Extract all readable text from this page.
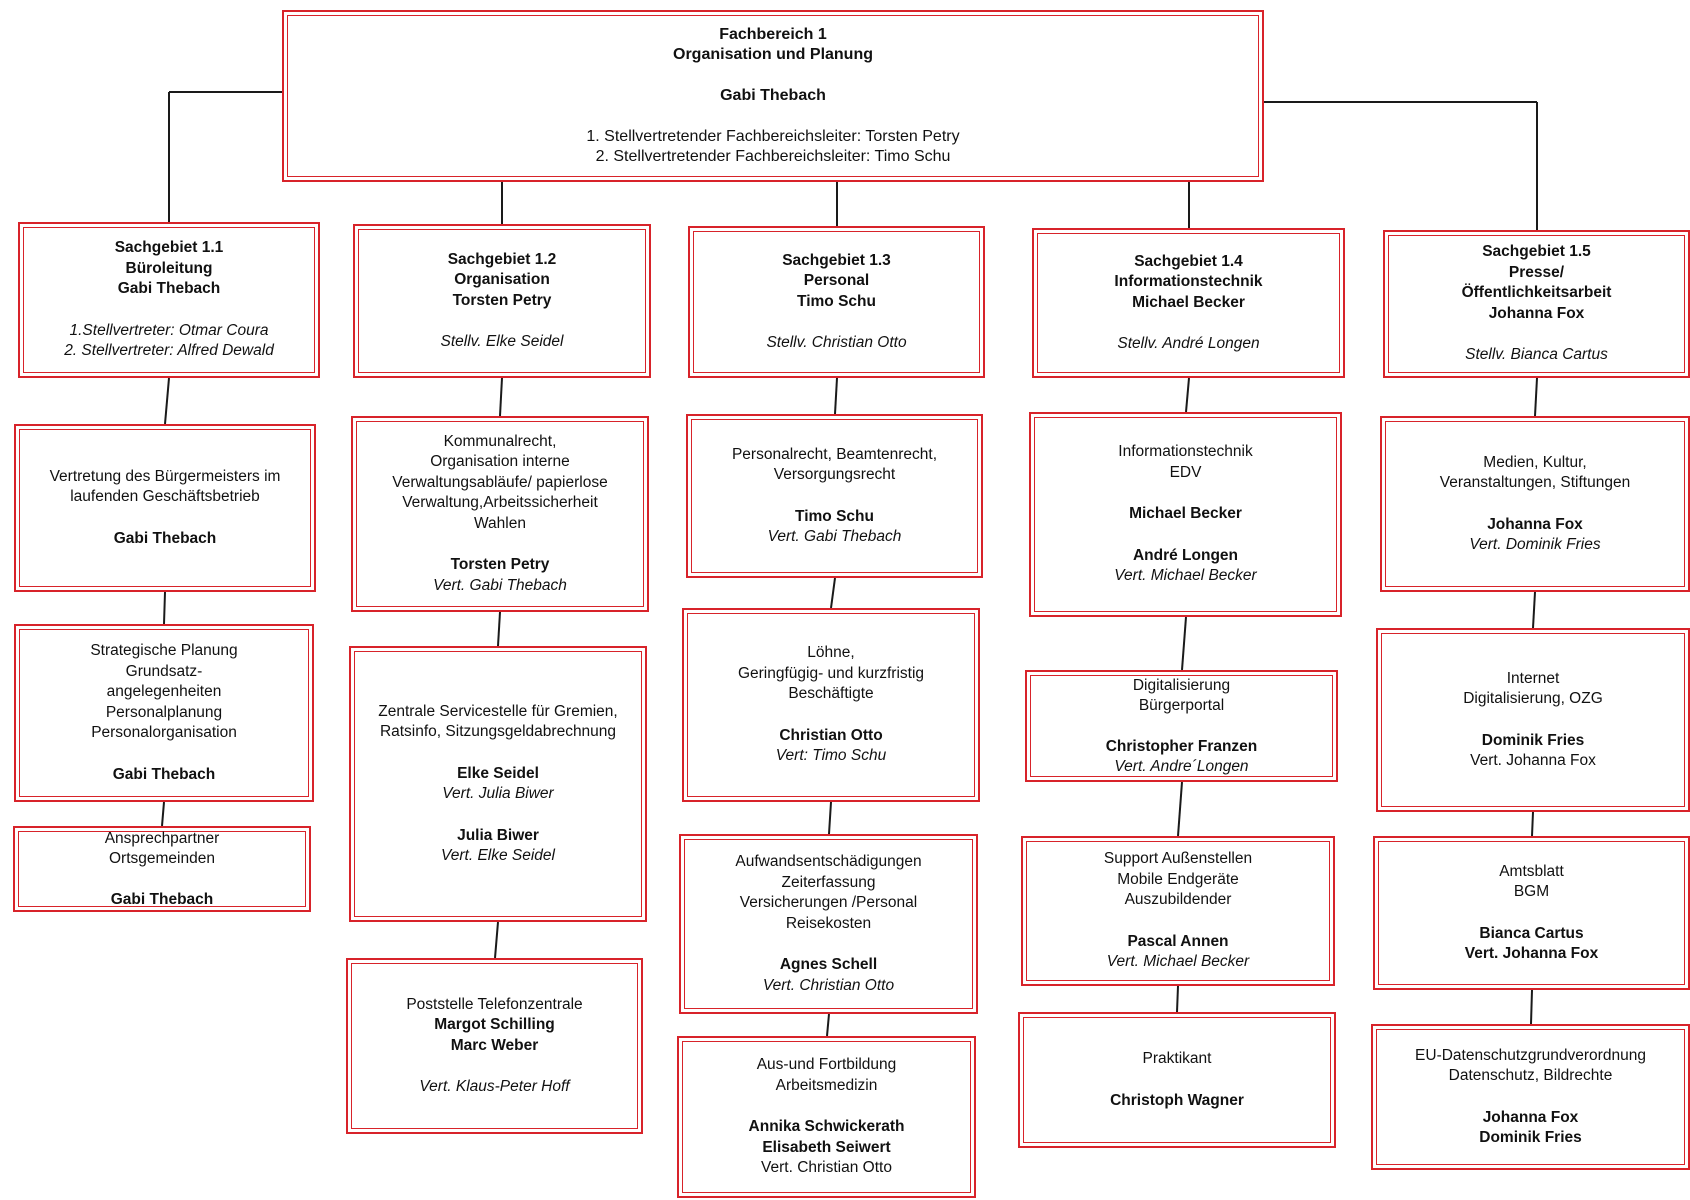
Fachbereich 1
Organisation und Planung
Gabi Thebach
1. Stellvertretender Fachbereichsleiter: Torsten Petry
2. Stellvertretender Fachbereichsleiter: Timo Schu
Sachgebiet 1.1
Büroleitung
Gabi Thebach
1.Stellvertreter: Otmar Coura
2. Stellvertreter: Alfred Dewald
Vertretung des Bürgermeisters im
laufenden Geschäftsbetrieb
Gabi Thebach
Strategische Planung
Grundsatz-
angelegenheiten
Personalplanung
Personalorganisation
Gabi Thebach
Ansprechpartner
Ortsgemeinden
Gabi Thebach
Sachgebiet 1.2
Organisation
Torsten Petry
Stellv. Elke Seidel
Kommunalrecht,
Organisation interne
Verwaltungsabläufe/ papierlose
Verwaltung,Arbeitssicherheit
Wahlen
Torsten Petry
Vert. Gabi Thebach
Zentrale Servicestelle für Gremien,
Ratsinfo, Sitzungsgeldabrechnung
Elke Seidel
Vert. Julia Biwer
Julia Biwer
Vert. Elke Seidel
Poststelle Telefonzentrale
Margot Schilling
Marc Weber
Vert. Klaus-Peter Hoff
Sachgebiet 1.3
Personal
Timo Schu
Stellv. Christian Otto
Personalrecht, Beamtenrecht,
Versorgungsrecht
Timo Schu
Vert. Gabi Thebach
Löhne,
Geringfügig- und kurzfristig
Beschäftigte
Christian Otto
Vert: Timo Schu
Aufwandsentschädigungen
Zeiterfassung
Versicherungen /Personal
Reisekosten
Agnes Schell
Vert. Christian Otto
Aus-und Fortbildung
Arbeitsmedizin
Annika Schwickerath
Elisabeth Seiwert
Vert. Christian Otto
Sachgebiet 1.4
Informationstechnik
Michael Becker
Stellv. André Longen
Informationstechnik
EDV
Michael Becker
André Longen
Vert. Michael Becker
Digitalisierung
Bürgerportal
Christopher Franzen
Vert. Andre´Longen
Support Außenstellen
Mobile Endgeräte
Auszubildender
Pascal Annen
Vert. Michael Becker
Praktikant
Christoph Wagner
Sachgebiet 1.5
Presse/
Öffentlichkeitsarbeit
Johanna Fox
Stellv. Bianca Cartus
Medien, Kultur,
Veranstaltungen, Stiftungen
Johanna Fox
Vert. Dominik Fries
Internet
Digitalisierung, OZG
Dominik Fries
Vert. Johanna Fox
Amtsblatt
BGM
Bianca Cartus
Vert. Johanna Fox
EU-Datenschutzgrundverordnung
Datenschutz, Bildrechte
Johanna Fox
Dominik Fries
